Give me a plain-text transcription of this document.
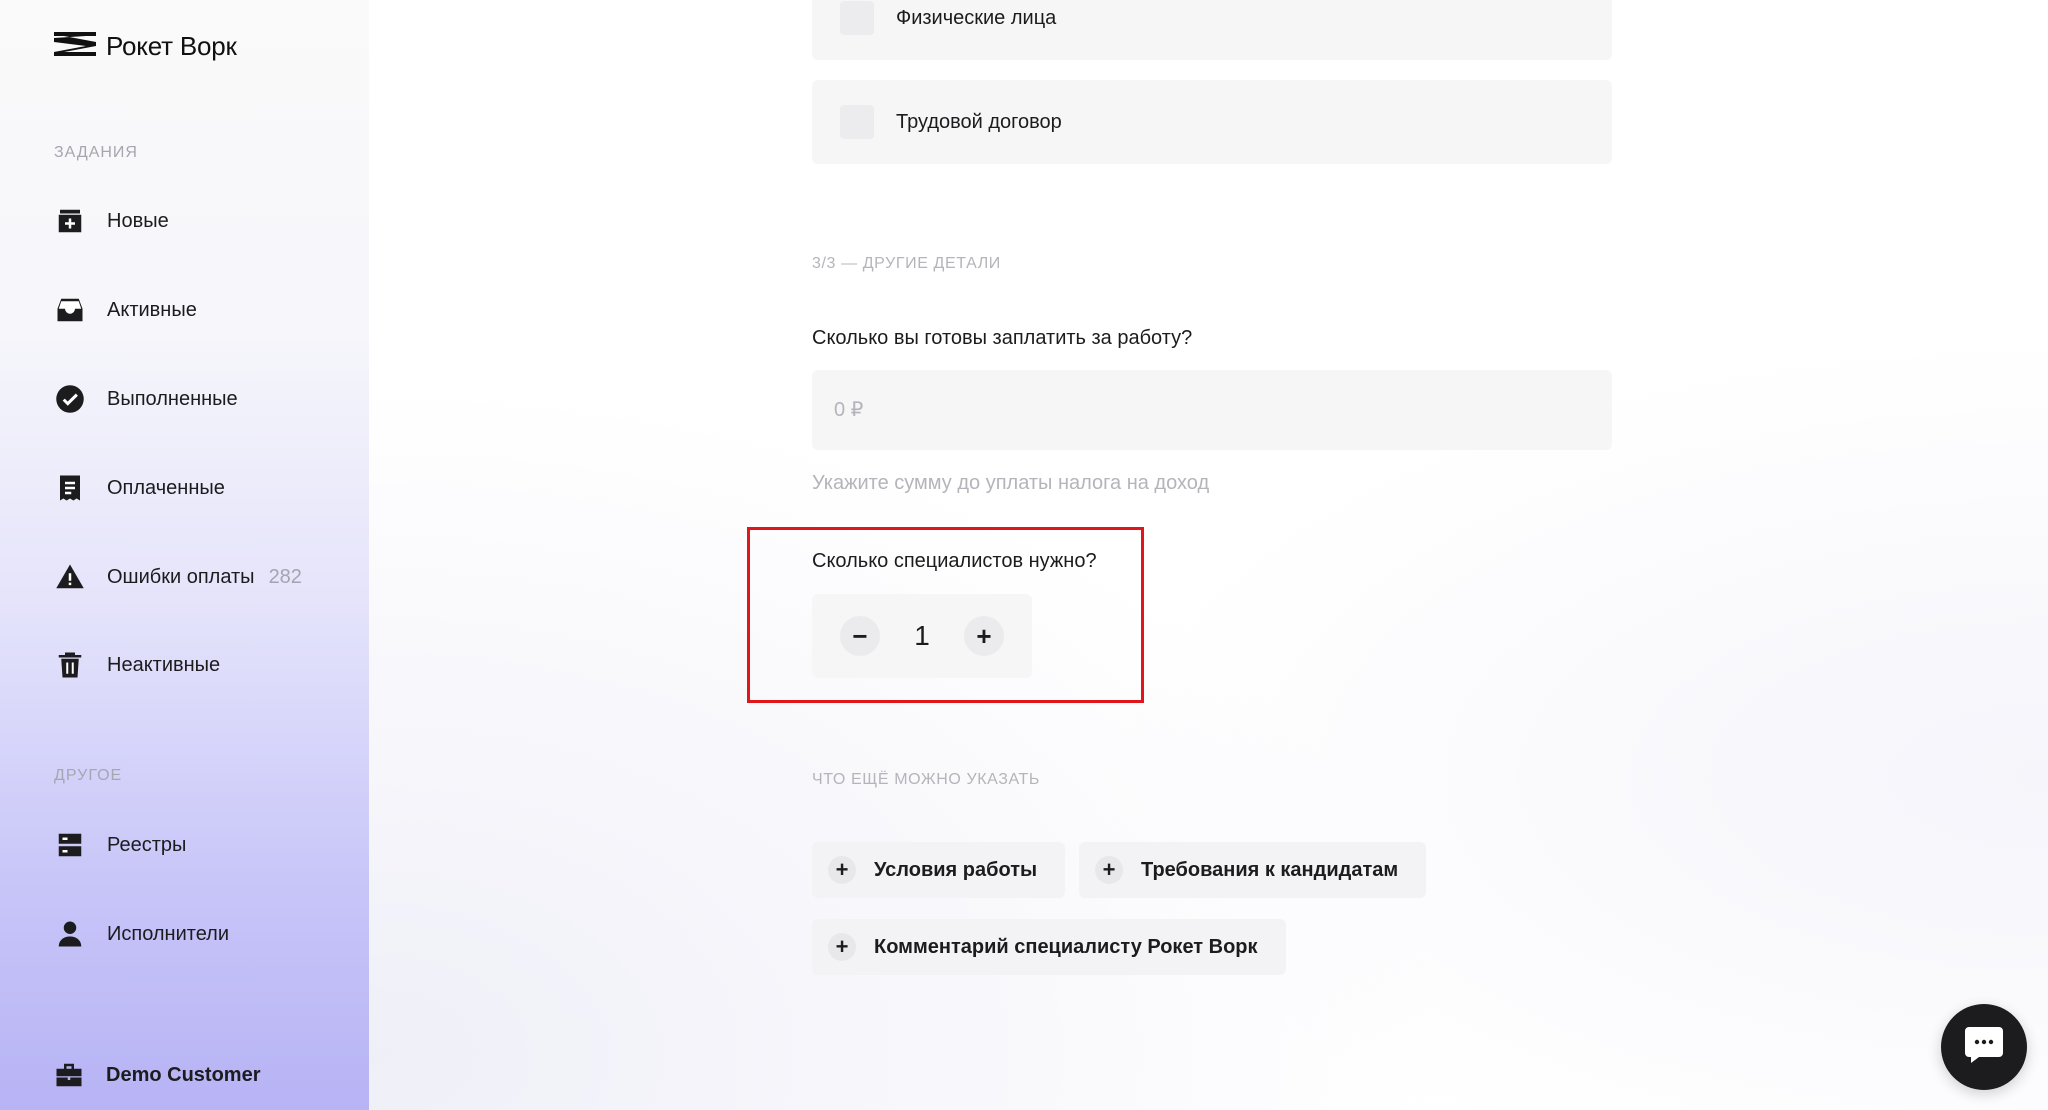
Рокет Ворк
ЗАДАНИЯ
Новые
Активные
Выполненные
Оплаченные
Ошибки оплаты 282
Неактивные
ДРУГОЕ
Реестры
Исполнители
Demo Customer
Физические лица
Трудовой договор
3/3 — ДРУГИЕ ДЕТАЛИ
Сколько вы готовы заплатить за работу?
0 ₽
Укажите сумму до уплаты налога на доход
Сколько специалистов нужно?
−	1	+
ЧТО ЕЩЁ МОЖНО УКАЗАТЬ
+	Условия работы	+	Требования к кандидатам
+	Комментарий специалисту Рокет Ворк
